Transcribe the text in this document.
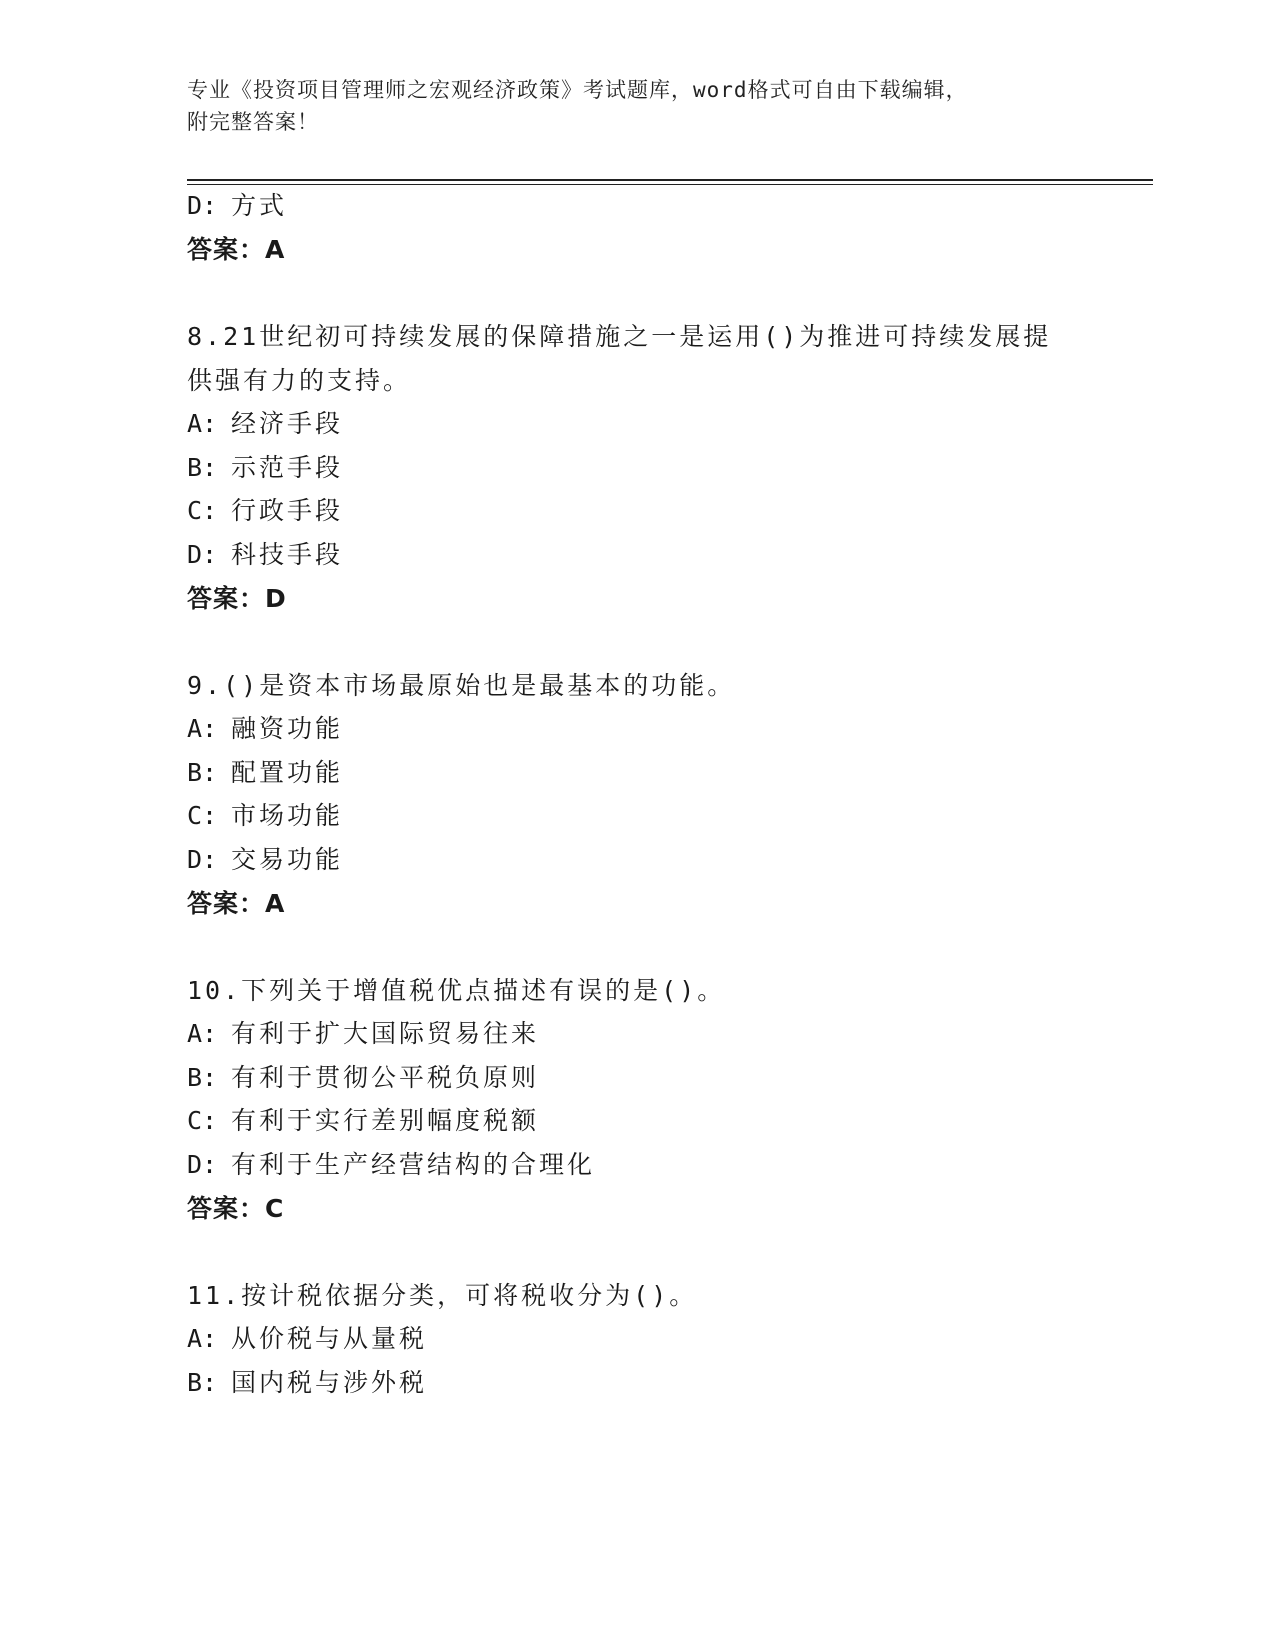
专业《投资项目管理师之宏观经济政策》考试题库，word格式可自由下载编辑，
附完整答案！
D: 方式
答案：A
8.21世纪初可持续发展的保障措施之一是运用()为推进可持续发展提
供强有力的支持。
A: 经济手段
B: 示范手段
C: 行政手段
D: 科技手段
答案：D
9.()是资本市场最原始也是最基本的功能。
A: 融资功能
B: 配置功能
C: 市场功能
D: 交易功能
答案：A
10.下列关于增值税优点描述有误的是()。
A: 有利于扩大国际贸易往来
B: 有利于贯彻公平税负原则
C: 有利于实行差别幅度税额
D: 有利于生产经营结构的合理化
答案：C
11.按计税依据分类，可将税收分为()。
A: 从价税与从量税
B: 国内税与涉外税
